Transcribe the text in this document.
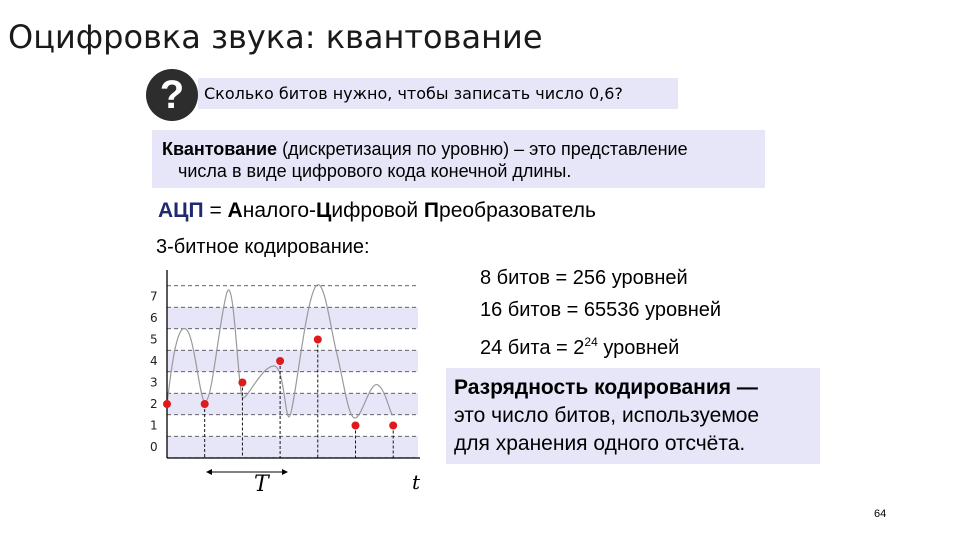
Оцифровка звука: квантование
?	Сколько битов нужно, чтобы записать число 0,6?
Квантование (дискретизация по уровню) – это представление
числа в виде цифрового кода конечной длины.
АЦП = Аналого-Цифровой Преобразователь
3-битное кодирование:
8 битов = 256 уровней
16 битов = 65536 уровней
24 бита = $2^{24}$ уровней
Разрядность кодирования —
это число битов, используемое
для хранения одного отсчёта.
0
1
2
3
4
5
6
7
T	t
64
